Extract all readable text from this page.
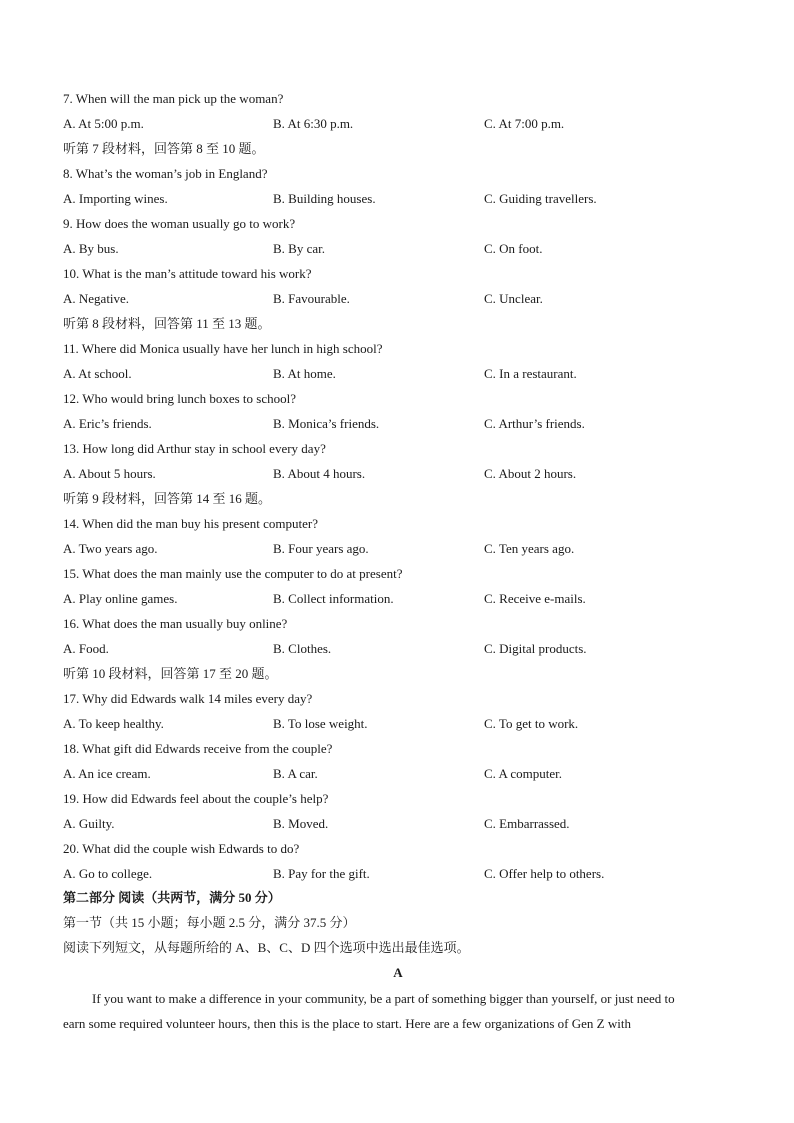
7. When will the man pick up the woman?
A. At 5:00 p.m.	B. At 6:30 p.m.	C. At 7:00 p.m.
听第 7 段材料，回答第 8 至 10 题。
8. What’s the woman’s job in England?
A. Importing wines.	B. Building houses.	C. Guiding travellers.
9. How does the woman usually go to work?
A. By bus.	B. By car.	C. On foot.
10. What is the man’s attitude toward his work?
A. Negative.	B. Favourable.	C. Unclear.
听第 8 段材料，回答第 11 至 13 题。
11. Where did Monica usually have her lunch in high school?
A. At school.	B. At home.	C. In a restaurant.
12. Who would bring lunch boxes to school?
A. Eric’s friends.	B. Monica’s friends.	C. Arthur’s friends.
13. How long did Arthur stay in school every day?
A. About 5 hours.	B. About 4 hours.	C. About 2 hours.
听第 9 段材料，回答第 14 至 16 题。
14. When did the man buy his present computer?
A. Two years ago.	B. Four years ago.	C. Ten years ago.
15. What does the man mainly use the computer to do at present?
A. Play online games.	B. Collect information.	C. Receive e-mails.
16. What does the man usually buy online?
A. Food.	B. Clothes.	C. Digital products.
听第 10 段材料，回答第 17 至 20 题。
17. Why did Edwards walk 14 miles every day?
A. To keep healthy.	B. To lose weight.	C. To get to work.
18. What gift did Edwards receive from the couple?
A. An ice cream.	B. A car.	C. A computer.
19. How did Edwards feel about the couple’s help?
A. Guilty.	B. Moved.	C. Embarrassed.
20. What did the couple wish Edwards to do?
A. Go to college.	B. Pay for the gift.	C. Offer help to others.
第二部分 阅读（共两节，满分 50 分）
第一节（共 15 小题；每小题 2.5 分，满分 37.5 分）
阅读下列短文，从每题所给的 A、B、C、D 四个选项中选出最佳选项。
A
If you want to make a difference in your community, be a part of something bigger than yourself, or just need to
earn some required volunteer hours, then this is the place to start. Here are a few organizations of Gen Z with
